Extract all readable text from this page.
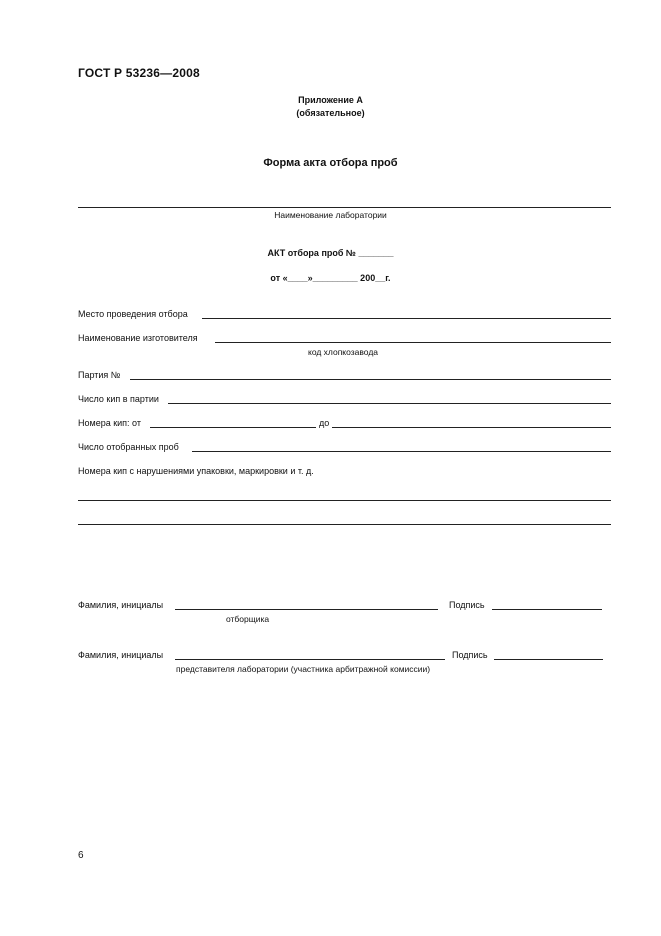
ГОСТ Р 53236—2008
Приложение А
(обязательное)
Форма акта отбора проб
Наименование лаборатории
АКТ отбора проб № _______
от «____»_________ 200__г.
Место проведения отбора
Наименование изготовителя
код хлопкозавода
Партия №
Число кип в партии
Номера кип: от	до
Число отобранных проб
Номера кип с нарушениями упаковки, маркировки и т. д.
Фамилия, инициалы	Подпись
отборщика
Фамилия, инициалы	Подпись
представителя лаборатории (участника арбитражной комиссии)
6
